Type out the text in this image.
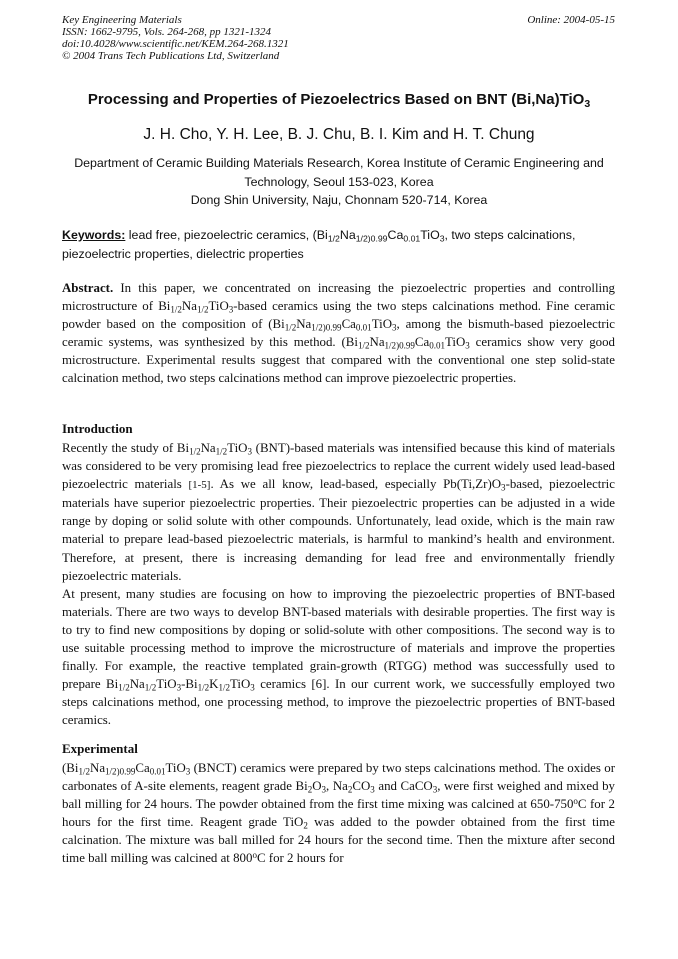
Key Engineering Materials
ISSN: 1662-9795, Vols. 264-268, pp 1321-1324
doi:10.4028/www.scientific.net/KEM.264-268.1321
© 2004 Trans Tech Publications Ltd, Switzerland
Online: 2004-05-15
Processing and Properties of Piezoelectrics Based on BNT (Bi,Na)TiO$_3$
J. H. Cho, Y. H. Lee, B. J. Chu, B. I. Kim and H. T. Chung
Department of Ceramic Building Materials Research, Korea Institute of Ceramic Engineering and Technology, Seoul 153-023, Korea
Dong Shin University, Naju, Chonnam 520-714, Korea
Keywords: lead free, piezoelectric ceramics, ($Bi_{1/2}Na_{1/2)0.99}Ca_{0.01}TiO_3$, two steps calcinations, piezoelectric properties, dielectric properties
Abstract. In this paper, we concentrated on increasing the piezoelectric properties and controlling microstructure of $Bi_{1/2}Na_{1/2}TiO_3$-based ceramics using the two steps calcinations method. Fine ceramic powder based on the composition of ($Bi_{1/2}Na_{1/2)0.99}Ca_{0.01}TiO_3$, among the bismuth-based piezoelectric ceramic systems, was synthesized by this method. ($Bi_{1/2}Na_{1/2)0.99}Ca_{0.01}TiO_3$ ceramics show very good microstructure. Experimental results suggest that compared with the conventional one step solid-state calcination method, two steps calcinations method can improve piezoelectric properties.
Introduction

Recently the study of $Bi_{1/2}Na_{1/2}TiO_3$ (BNT)-based materials was intensified because this kind of materials was considered to be very promising lead free piezoelectrics to replace the current widely used lead-based piezoelectric materials [1-5]. As we all know, lead-based, especially $Pb(Ti,Zr)O_3$-based, piezoelectric materials have superior piezoelectric properties. Their piezoelectric properties can be adjusted in a wide range by doping or solid solute with other compounds. Unfortunately, lead oxide, which is the main raw material to prepare lead-based piezoelectric materials, is harmful to mankind’s health and environment. Therefore, at present, there is increasing demanding for lead free and environmentally friendly piezoelectric materials.

At present, many studies are focusing on how to improving the piezoelectric properties of BNT-based materials. There are two ways to develop BNT-based materials with desirable properties. The first way is to try to find new compositions by doping or solid-solute with other compositions. The second way is to use suitable processing method to improve the microstructure of materials and improve the properties finally. For example, the reactive templated grain-growth (RTGG) method was successfully used to prepare $Bi_{1/2}Na_{1/2}TiO_3-Bi_{1/2}K_{1/2}TiO_3$ ceramics [6]. In our current work, we successfully employed two steps calcinations method, one processing method, to improve the piezoelectric properties of BNT-based ceramics.

Experimental
($Bi_{1/2}Na_{1/2)0.99}Ca_{0.01}TiO_3$ (BNCT) ceramics were prepared by two steps calcinations method. The oxides or carbonates of A-site elements, reagent grade $Bi_2O_3$, $Na_2CO_3$ and CaCO$_3$, were first weighed and mixed by ball milling for 24 hours. The powder obtained from the first time mixing was calcined at 650-750$^o$C for 2 hours for the first time. Reagent grade TiO$_2$ was added to the powder obtained from the first time calcination. The mixture was ball milled for 24 hours for the second time. Then the mixture after second time ball milling was calcined at 800$^o$C for 2 hours for
